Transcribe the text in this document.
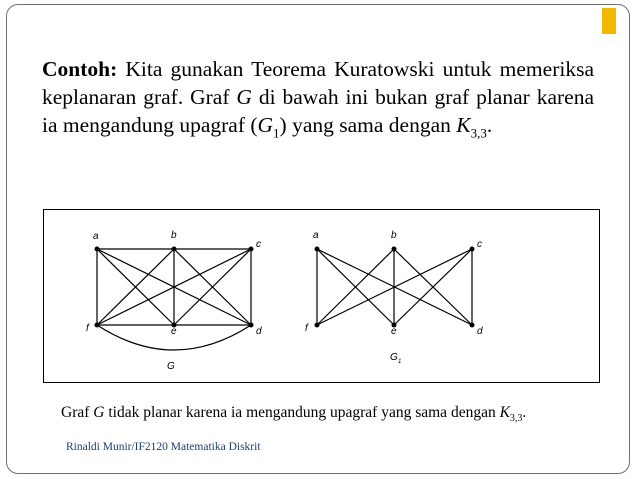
Contoh: Kita gunakan Teorema Kuratowski untuk memeriksa keplanaran graf. Graf G di bawah ini bukan graf planar karena ia mengandung upagraf $(G_1)$ yang sama dengan $K_{3,3}$.
a	b
c
d
e
f
G
a	b
c
d
e
f
G 1
Graf G tidak planar karena ia mengandung upagraf yang sama dengan $K_{3,3}$.
Rinaldi Munir/IF2120 Matematika Diskrit
